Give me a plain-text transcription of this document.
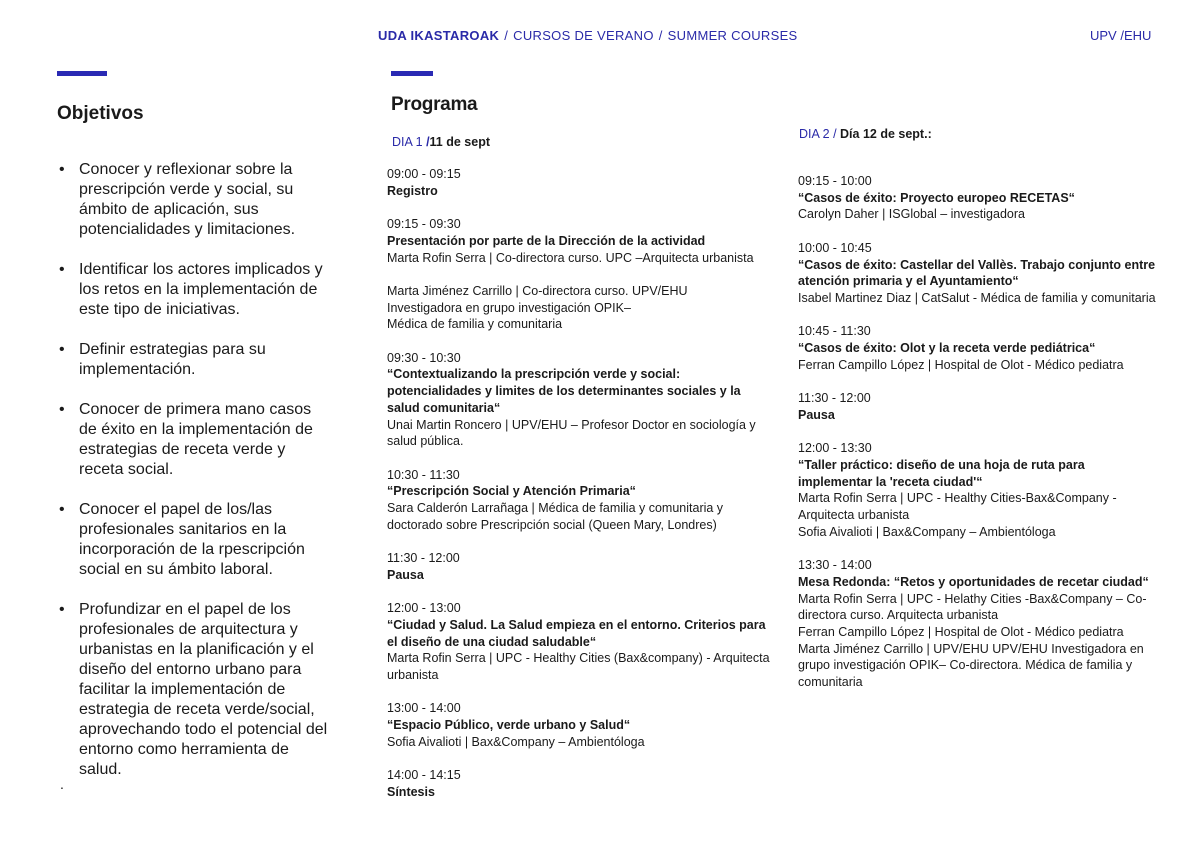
UDA IKASTAROAK / CURSOS DE VERANO / SUMMER COURSES	UPV /EHU
Objetivos
• Conocer y reflexionar sobre la prescripción verde y social, su ámbito de aplicación, sus potencialidades y limitaciones.
• Identificar los actores implicados y los retos en la implementación de este tipo de iniciativas.
• Definir estrategias para su implementación.
• Conocer de primera mano casos de éxito en la implementación de estrategias de receta verde y receta social.
• Conocer el papel de los/las profesionales sanitarios en la incorporación de la rpescripción social en su ámbito laboral.
• Profundizar en el papel de los profesionales de arquitectura y urbanistas en la planificación y el diseño del entorno urbano para facilitar la implementación de estrategia de receta verde/social, aprovechando todo el potencial del entorno como herramienta de salud.
.
Programa
DIA 1 /11 de sept
DIA 2 / Día 12 de sept.:
09:00 - 09:15
Registro
09:15 - 09:30
Presentación por parte de la Dirección de la actividad
Marta Rofin Serra | Co-directora curso. UPC –Arquitecta urbanista
Marta Jiménez Carrillo | Co-directora curso. UPV/EHU
Investigadora en grupo investigación OPIK–
Médica de familia y comunitaria
09:30 - 10:30
“Contextualizando la prescripción verde y social: potencialidades y limites de los determinantes sociales y la salud comunitaria“
Unai Martin Roncero | UPV/EHU – Profesor Doctor en sociología y salud pública.
10:30 - 11:30
“Prescripción Social y Atención Primaria“
Sara Calderón Larrañaga | Médica de familia y comunitaria y doctorado sobre Prescripción social (Queen Mary, Londres)
11:30 - 12:00
Pausa
12:00 - 13:00
“Ciudad y Salud. La Salud empieza en el entorno. Criterios para el diseño de una ciudad saludable“
Marta Rofin Serra | UPC - Healthy Cities (Bax&company) - Arquitecta urbanista
13:00 - 14:00
“Espacio Público, verde urbano y Salud“
Sofia Aivalioti | Bax&Company – Ambientóloga
14:00 - 14:15
Síntesis
09:15 - 10:00
“Casos de éxito: Proyecto europeo RECETAS“
Carolyn Daher | ISGlobal – investigadora
10:00 - 10:45
“Casos de éxito: Castellar del Vallès. Trabajo conjunto entre atención primaria y el Ayuntamiento“
Isabel Martinez Diaz | CatSalut - Médica de familia y comunitaria
10:45 - 11:30
“Casos de éxito: Olot y la receta verde pediátrica“
Ferran Campillo López | Hospital de Olot - Médico pediatra
11:30 - 12:00
Pausa
12:00 - 13:30
“Taller práctico: diseño de una hoja de ruta para implementar la 'receta ciudad'“
Marta Rofin Serra | UPC - Healthy Cities-Bax&Company - Arquitecta urbanista
Sofia Aivalioti | Bax&Company – Ambientóloga
13:30 - 14:00
Mesa Redonda: “Retos y oportunidades de recetar ciudad“
Marta Rofin Serra | UPC - Helathy Cities -Bax&Company – Co-directora curso. Arquitecta urbanista
Ferran Campillo López | Hospital de Olot - Médico pediatra
Marta Jiménez Carrillo | UPV/EHU UPV/EHU Investigadora en grupo investigación OPIK– Co-directora. Médica de familia y comunitaria
